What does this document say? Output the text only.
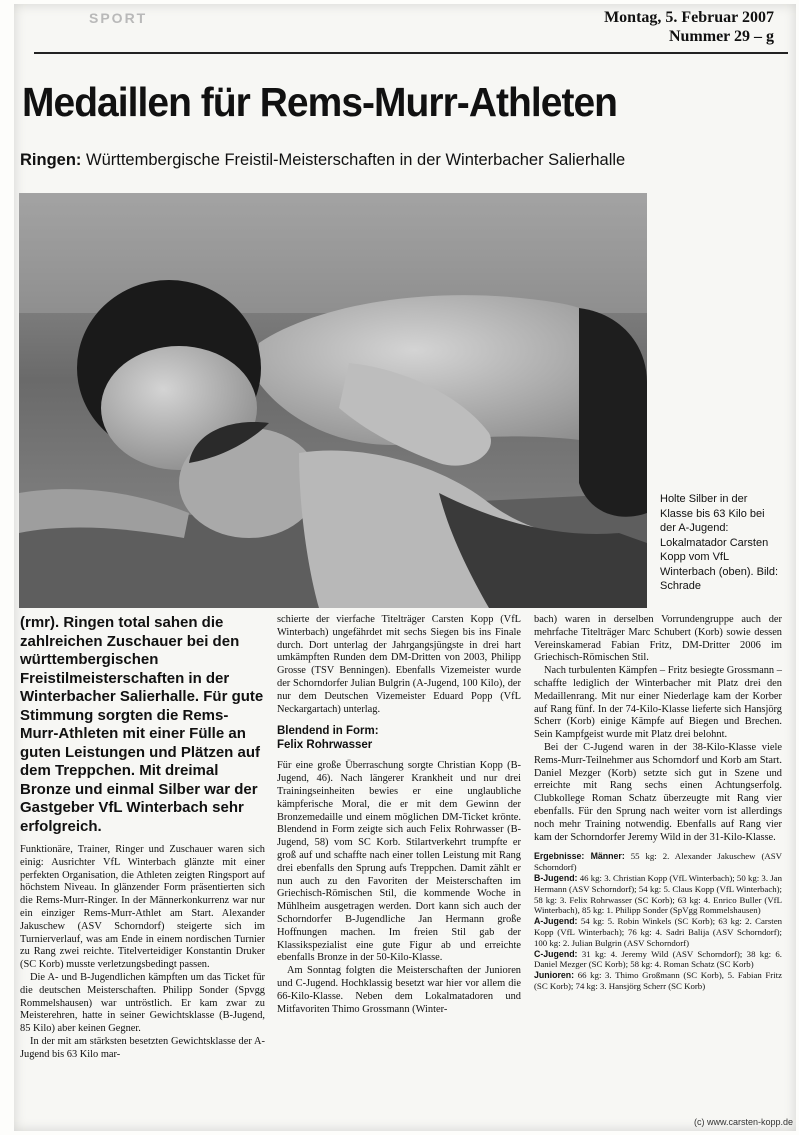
SPORT	Montag, 5. Februar 2007
Nummer 29 – g
Medaillen für Rems-Murr-Athleten
Ringen: Württembergische Freistil-Meisterschaften in der Winterbacher Salierhalle
Holte Silber in der Klasse bis 63 Kilo bei der A-Jugend: Lokalmatador Carsten Kopp vom VfL Winterbach (oben). Bild: Schrade

(rmr). Ringen total sahen die zahlreichen Zuschauer bei den württembergischen Freistilmeisterschaften in der Winterbacher Salierhalle. Für gute Stimmung sorgten die Rems-Murr-Athleten mit einer Fülle an guten Leistungen und Plätzen auf dem Treppchen. Mit dreimal Bronze und einmal Silber war der Gastgeber VfL Winterbach sehr erfolgreich.

Funktionäre, Trainer, Ringer und Zuschauer waren sich einig: Ausrichter VfL Winterbach glänzte mit einer perfekten Organisation, die Athleten zeigten Ringsport auf höchstem Niveau. In glänzender Form präsentierten sich die Rems-Murr-Ringer. In der Männerkonkurrenz war nur ein einziger Rems-Murr-Athlet am Start. Alexander Jakuschew (ASV Schorndorf) steigerte sich im Turnierverlauf, was am Ende in einem nordischen Turnier zu Rang zwei reichte. Titelverteidiger Konstantin Druker (SC Korb) musste verletzungsbedingt passen.

Die A- und B-Jugendlichen kämpften um das Ticket für die deutschen Meisterschaften. Philipp Sonder (Spvgg Rommelshausen) war untröstlich. Er kam zwar zu Meisterehren, hatte in seiner Gewichtsklasse (B-Jugend, 85 Kilo) aber keinen Gegner.

In der mit am stärksten besetzten Gewichtsklasse der A-Jugend bis 63 Kilo mar-

schierte der vierfache Titelträger Carsten Kopp (VfL Winterbach) ungefährdet mit sechs Siegen bis ins Finale durch. Dort unterlag der Jahrgangsjüngste in drei hart umkämpften Runden dem DM-Dritten von 2003, Philipp Grosse (TSV Benningen). Ebenfalls Vizemeister wurde der Schorndorfer Julian Bulgrin (A-Jugend, 100 Kilo), der nur dem Deutschen Vizemeister Eduard Popp (VfL Neckargartach) unterlag.

Blendend in Form:
Felix Rohrwasser

Für eine große Überraschung sorgte Christian Kopp (B-Jugend, 46). Nach längerer Krankheit und nur drei Trainingseinheiten bewies er eine unglaubliche kämpferische Moral, die er mit dem Gewinn der Bronzemedaille und einem möglichen DM-Ticket krönte. Blendend in Form zeigte sich auch Felix Rohrwasser (B-Jugend, 58) vom SC Korb. Stilartverkehrt trumpfte er groß auf und schaffte nach einer tollen Leistung mit Rang drei ebenfalls den Sprung aufs Treppchen. Damit zählt er nun auch zu den Favoriten der Meisterschaften im Griechisch-Römischen Stil, die kommende Woche in Mühlheim ausgetragen werden. Dort kann sich auch der Schorndorfer B-Jugendliche Jan Hermann große Hoffnungen machen. Im freien Stil gab der Klassikspezialist eine gute Figur ab und erreichte ebenfalls Bronze in der 50-Kilo-Klasse.

Am Sonntag folgten die Meisterschaften der Junioren und C-Jugend. Hochklassig besetzt war hier vor allem die 66-Kilo-Klasse. Neben dem Lokalmatadoren und Mitfavoriten Thimo Grossmann (Winter-

bach) waren in derselben Vorrundengruppe auch der mehrfache Titelträger Marc Schubert (Korb) sowie dessen Vereinskamerad Fabian Fritz, DM-Dritter 2006 im Griechisch-Römischen Stil.

Nach turbulenten Kämpfen – Fritz besiegte Grossmann – schaffte lediglich der Winterbacher mit Platz drei den Medaillenrang. Mit nur einer Niederlage kam der Korber auf Rang fünf. In der 74-Kilo-Klasse lieferte sich Hansjörg Scherr (Korb) einige Kämpfe auf Biegen und Brechen. Sein Kampfgeist wurde mit Platz drei belohnt.

Bei der C-Jugend waren in der 38-Kilo-Klasse viele Rems-Murr-Teilnehmer aus Schorndorf und Korb am Start. Daniel Mezger (Korb) setzte sich gut in Szene und erreichte mit Rang sechs einen Achtungserfolg. Clubkollege Roman Schatz überzeugte mit Rang vier ebenfalls. Für den Sprung nach weiter vorn ist allerdings noch mehr Training notwendig. Ebenfalls auf Rang vier kam der Schorndorfer Jeremy Wild in der 31-Kilo-Klasse.

Ergebnisse: Männer: 55 kg: 2. Alexander Jakuschew (ASV Schorndorf)

B-Jugend: 46 kg: 3. Christian Kopp (VfL Winterbach); 50 kg: 3. Jan Hermann (ASV Schorndorf); 54 kg: 5. Claus Kopp (VfL Winterbach); 58 kg: 3. Felix Rohrwasser (SC Korb); 63 kg: 4. Enrico Buller (VfL Winterbach), 85 kg: 1. Philipp Sonder (SpVgg Rommelshausen)

A-Jugend: 54 kg: 5. Robin Winkels (SC Korb); 63 kg: 2. Carsten Kopp (VfL Winterbach); 76 kg: 4. Sadri Balija (ASV Schorndorf); 100 kg: 2. Julian Bulgrin (ASV Schorndorf)

C-Jugend: 31 kg: 4. Jeremy Wild (ASV Schorndorf); 38 kg: 6. Daniel Mezger (SC Korb); 58 kg: 4. Roman Schatz (SC Korb)

Junioren: 66 kg: 3. Thimo Großmann (SC Korb), 5. Fabian Fritz (SC Korb); 74 kg: 3. Hansjörg Scherr (SC Korb)

(c) www.carsten-kopp.de
